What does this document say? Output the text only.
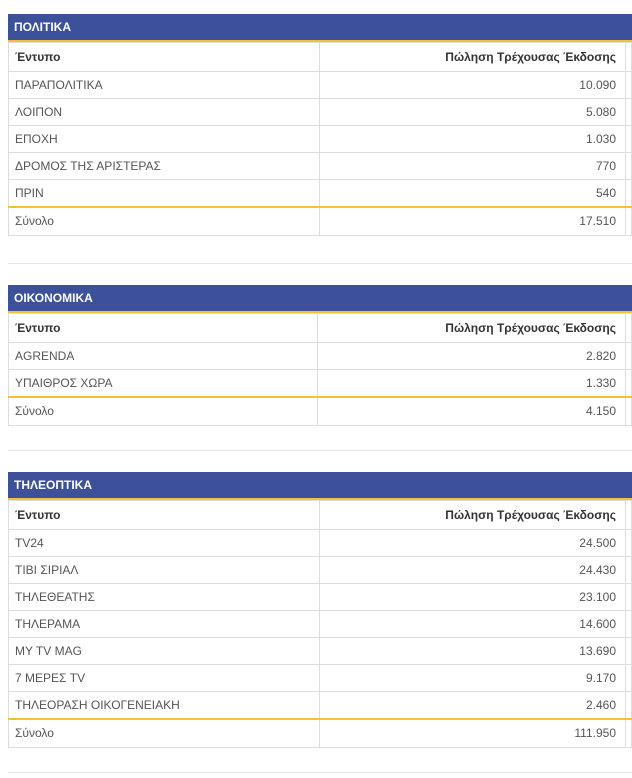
ΠΟΛΙΤΙΚΑ
Έντυπο	Πώληση Τρέχουσας Έκδοσης	
ΠΑΡΑΠΟΛΙΤΙΚΑ	10.090	
ΛΟΙΠΟΝ	5.080	
ΕΠΟΧΗ	1.030	
ΔΡΟΜΟΣ ΤΗΣ ΑΡΙΣΤΕΡΑΣ	770	
ΠΡΙΝ	540	
Σύνολο	17.510	
ΟΙΚΟΝΟΜΙΚΑ
Έντυπο	Πώληση Τρέχουσας Έκδοσης	
AGRENDA	2.820	
ΥΠΑΙΘΡΟΣ ΧΩΡΑ	1.330	
Σύνολο	4.150	
ΤΗΛΕΟΠΤΙΚΑ
Έντυπο	Πώληση Τρέχουσας Έκδοσης	
TV24	24.500	
ΤΙΒΙ ΣΙΡΙΑΛ	24.430	
ΤΗΛΕΘΕΑΤΗΣ	23.100	
ΤΗΛΕΡΑΜΑ	14.600	
MY TV MAG	13.690	
7 ΜΕΡΕΣ TV	9.170	
ΤΗΛΕΟΡΑΣΗ ΟΙΚΟΓΕΝΕΙΑΚΗ	2.460	
Σύνολο	111.950	
